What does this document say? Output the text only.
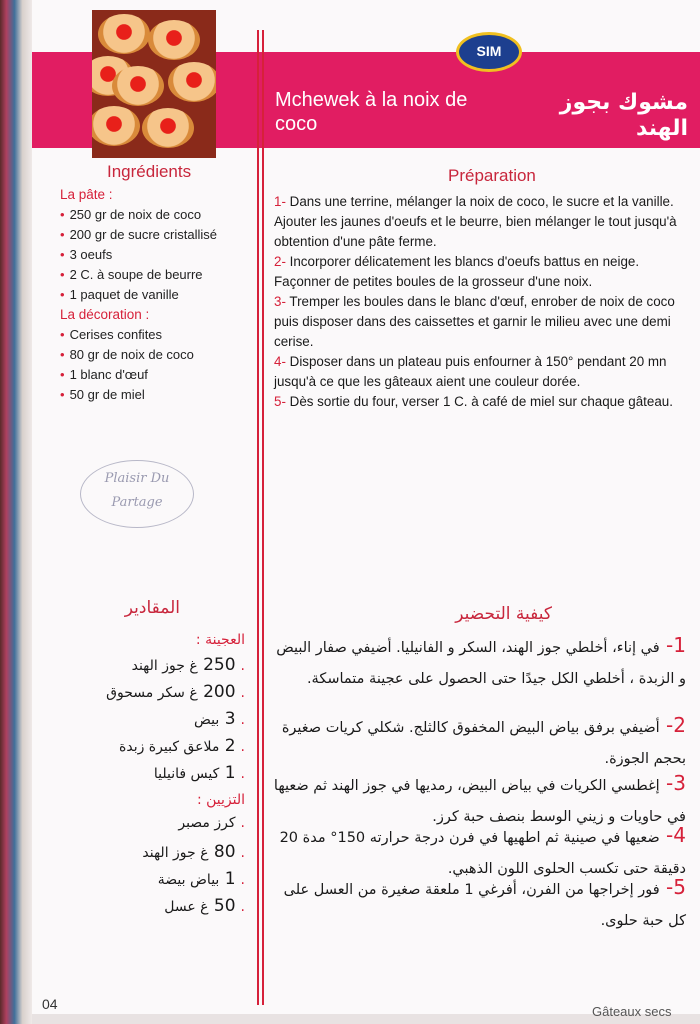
SIM
Mchewek à la noix de coco
مشوك بجوز الهند
Ingrédients
La pâte :
• 250 gr de noix de coco
• 200 gr de sucre cristallisé
• 3 oeufs
• 2 C. à soupe de beurre
• 1 paquet de vanille
La décoration :
• Cerises confites
• 80 gr de noix de coco
• 1 blanc d'œuf
• 50 gr de miel
Préparation
1- Dans une terrine, mélanger la noix de coco, le sucre et la vanille. Ajouter les jaunes d'oeufs et le beurre, bien mélanger le tout jusqu'à obtention d'une pâte ferme.
2- Incorporer délicatement les blancs d'oeufs battus en neige. Façonner de petites boules de la grosseur d'une noix.
3- Tremper les boules dans le blanc d'œuf, enrober de noix de coco puis disposer dans des caissettes et garnir le milieu avec une demi cerise.
4- Disposer dans un plateau puis enfourner à 150° pendant 20 mn jusqu'à ce que les gâteaux aient une couleur dorée.
5- Dès sortie du four, verser 1 C. à café de miel sur chaque gâteau.
Plaisir Du
Partage
المقادير
العجينة :
.250 غ جوز الهند
.200 غ سكر مسحوق
.3 بيض
.2 ملاعق كبيرة زبدة
.1 كيس فانيليا
التزيين :
.كرز مصبر
.80 غ جوز الهند
.1 بياض بيضة
.50 غ عسل
كيفية التحضير
1- في إناء، أخلطي جوز الهند، السكر و الفانيليا. أضيفي صفار البيض و الزبدة ، أخلطي الكل جيدًا حتى الحصول على عجينة متماسكة.
2- أضيفي برفق بياض البيض المخفوق كالثلج. شكلي كريات صغيرة بحجم الجوزة.
3- إغطسي الكريات في بياض البيض، رمديها في جوز الهند ثم ضعيها في حاويات و زيني الوسط بنصف حبة كرز.
4- ضعيها في صينية ثم اطهيها في فرن درجة حرارته 150° مدة 20 دقيقة حتى تكسب الحلوى اللون الذهبي.
5- فور إخراجها من الفرن، أفرغي 1 ملعقة صغيرة من العسل على كل حبة حلوى.
04	Gâteaux secs
